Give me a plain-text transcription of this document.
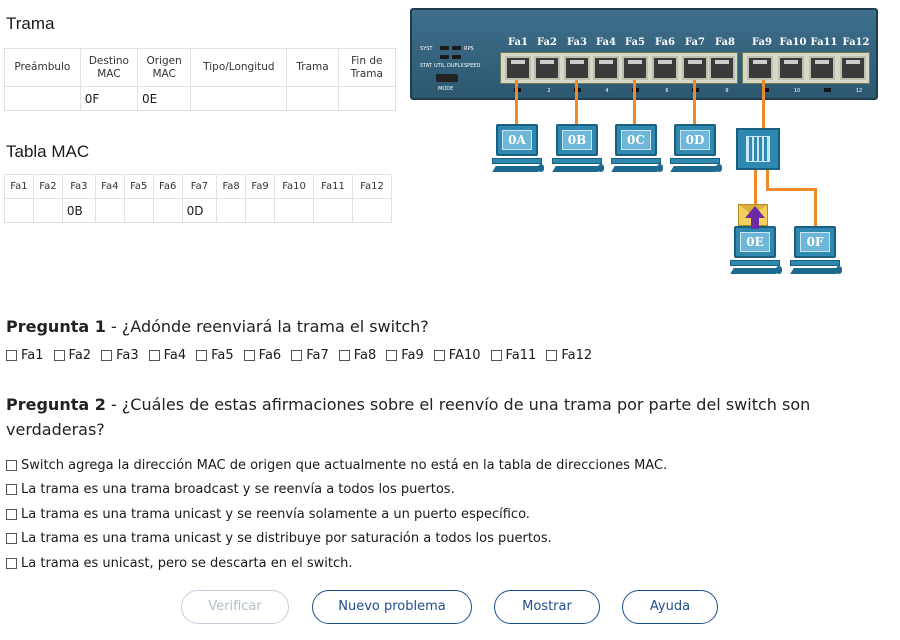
Trama
Preámbulo	Destino MAC	Origen MAC	Tipo/Longitud	Trama	Fin de Trama
	0F	0E			
Tabla MAC
Fa1	Fa2	Fa3	Fa4	Fa5	Fa6	Fa7	Fa8	Fa9	Fa10	Fa11	Fa12
		0B				0D					
SYST	RPS
STAT UTIL DUPLX SPEED
MODE
Fa1 Fa2	Fa3 Fa4 Fa5	Fa6	Fa7	Fa8	Fa9 Fa10 Fa11 Fa12
2	4	6	8	10	12
0A	0B	0C	0D
0E	0F
Pregunta 1 - ¿Adónde reenviará la trama el switch?
Fa1 Fa2 Fa3 Fa4 Fa5 Fa6 Fa7 Fa8 Fa9 FA10 Fa11 Fa12
Pregunta 2 - ¿Cuáles de estas afirmaciones sobre el reenvío de una trama por parte del switch son verdaderas?
Switch agrega la dirección MAC de origen que actualmente no está en la tabla de direcciones MAC.
La trama es una trama broadcast y se reenvía a todos los puertos.
La trama es una trama unicast y se reenvía solamente a un puerto específico.
La trama es una trama unicast y se distribuye por saturación a todos los puertos.
La trama es unicast, pero se descarta en el switch.
Verificar	Nuevo problema	Mostrar	Ayuda
